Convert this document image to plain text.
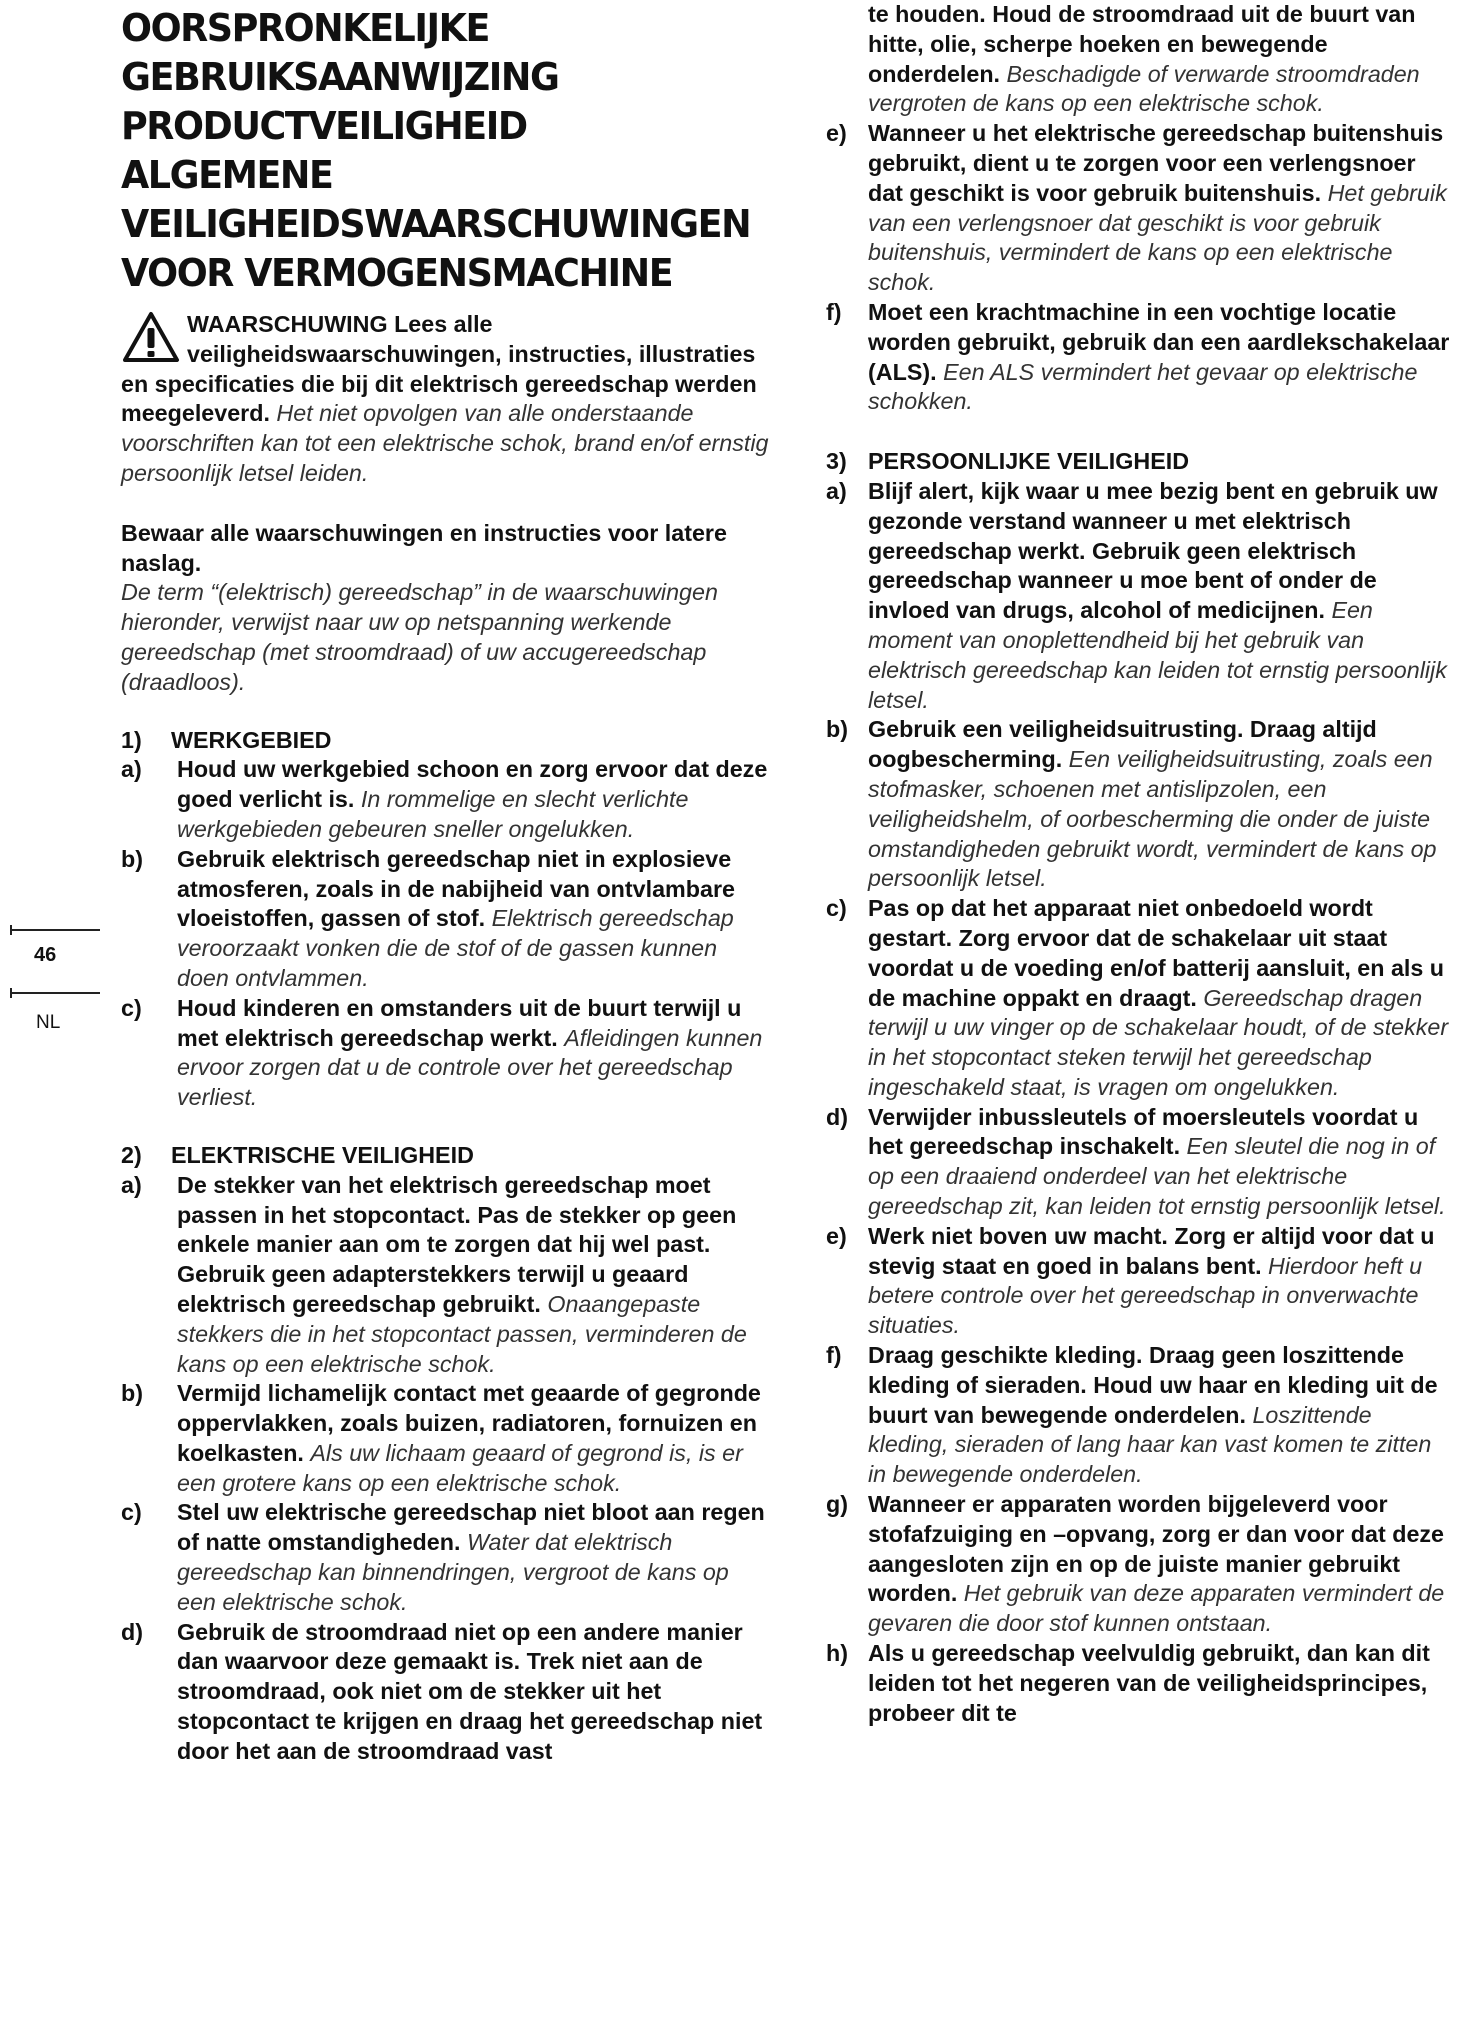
46
NL
OORSPRONKELIJKE
GEBRUIKSAANWIJZING
PRODUCTVEILIGHEID
ALGEMENE
VEILIGHEIDSWAARSCHUWINGEN
VOOR VERMOGENSMACHINE

WAARSCHUWING Lees alle veiligheidswaarschuwingen, instructies, illustraties en specificaties die bij dit elektrisch gereedschap werden meegeleverd. Het niet opvolgen van alle onderstaande voorschriften kan tot een elektrische schok, brand en/of ernstig persoonlijk letsel leiden.

Bewaar alle waarschuwingen en instructies voor latere naslag.
De term “(elektrisch) gereedschap” in de waarschuwingen hieronder, verwijst naar uw op netspanning werkende gereedschap (met stroomdraad) of uw accugereedschap (draadloos).

1) WERKGEBIED
a) Houd uw werkgebied schoon en zorg ervoor dat deze goed verlicht is. In rommelige en slecht verlichte werkgebieden gebeuren sneller ongelukken.
b) Gebruik elektrisch gereedschap niet in explosieve atmosferen, zoals in de nabijheid van ontvlambare vloeistoffen, gassen of stof. Elektrisch gereedschap veroorzaakt vonken die de stof of de gassen kunnen doen ontvlammen.
c) Houd kinderen en omstanders uit de buurt terwijl u met elektrisch gereedschap werkt. Afleidingen kunnen ervoor zorgen dat u de controle over het gereedschap verliest.
2) ELEKTRISCHE VEILIGHEID
a) De stekker van het elektrisch gereedschap moet passen in het stopcontact. Pas de stekker op geen enkele manier aan om te zorgen dat hij wel past. Gebruik geen adapterstekkers terwijl u geaard elektrisch gereedschap gebruikt. Onaangepaste stekkers die in het stopcontact passen, verminderen de kans op een elektrische schok.
b) Vermijd lichamelijk contact met geaarde of gegronde oppervlakken, zoals buizen, radiatoren, fornuizen en koelkasten. Als uw lichaam geaard of gegrond is, is er een grotere kans op een elektrische schok.
c) Stel uw elektrische gereedschap niet bloot aan regen of natte omstandigheden. Water dat elektrisch gereedschap kan binnendringen, vergroot de kans op een elektrische schok.
d) Gebruik de stroomdraad niet op een andere manier dan waarvoor deze gemaakt is. Trek niet aan de stroomdraad, ook niet om de stekker uit het stopcontact te krijgen en draag het gereedschap niet door het aan de stroomdraad vast
te houden. Houd de stroomdraad uit de buurt van hitte, olie, scherpe hoeken en bewegende onderdelen. Beschadigde of verwarde stroomdraden vergroten de kans op een elektrische schok.
e) Wanneer u het elektrische gereedschap buitenshuis gebruikt, dient u te zorgen voor een verlengsnoer dat geschikt is voor gebruik buitenshuis. Het gebruik van een verlengsnoer dat geschikt is voor gebruik buitenshuis, vermindert de kans op een elektrische schok.
f) Moet een krachtmachine in een vochtige locatie worden gebruikt, gebruik dan een aardlekschakelaar (ALS). Een ALS vermindert het gevaar op elektrische schokken.
3) PERSOONLIJKE VEILIGHEID
a) Blijf alert, kijk waar u mee bezig bent en gebruik uw gezonde verstand wanneer u met elektrisch gereedschap werkt. Gebruik geen elektrisch gereedschap wanneer u moe bent of onder de invloed van drugs, alcohol of medicijnen. Een moment van onoplettendheid bij het gebruik van elektrisch gereedschap kan leiden tot ernstig persoonlijk letsel.
b) Gebruik een veiligheidsuitrusting. Draag altijd oogbescherming. Een veiligheidsuitrusting, zoals een stofmasker, schoenen met antislipzolen, een veiligheidshelm, of oorbescherming die onder de juiste omstandigheden gebruikt wordt, vermindert de kans op persoonlijk letsel.
c) Pas op dat het apparaat niet onbedoeld wordt gestart. Zorg ervoor dat de schakelaar uit staat voordat u de voeding en/of batterij aansluit, en als u de machine oppakt en draagt. Gereedschap dragen terwijl u uw vinger op de schakelaar houdt, of de stekker in het stopcontact steken terwijl het gereedschap ingeschakeld staat, is vragen om ongelukken.
d) Verwijder inbussleutels of moersleutels voordat u het gereedschap inschakelt. Een sleutel die nog in of op een draaiend onderdeel van het elektrische gereedschap zit, kan leiden tot ernstig persoonlijk letsel.
e) Werk niet boven uw macht. Zorg er altijd voor dat u stevig staat en goed in balans bent. Hierdoor heft u betere controle over het gereedschap in onverwachte situaties.
f) Draag geschikte kleding. Draag geen loszittende kleding of sieraden. Houd uw haar en kleding uit de buurt van bewegende onderdelen. Loszittende kleding, sieraden of lang haar kan vast komen te zitten in bewegende onderdelen.
g) Wanneer er apparaten worden bijgeleverd voor stofafzuiging en –opvang, zorg er dan voor dat deze aangesloten zijn en op de juiste manier gebruikt worden. Het gebruik van deze apparaten vermindert de gevaren die door stof kunnen ontstaan.
h) Als u gereedschap veelvuldig gebruikt, dan kan dit leiden tot het negeren van de veiligheidsprincipes, probeer dit te
